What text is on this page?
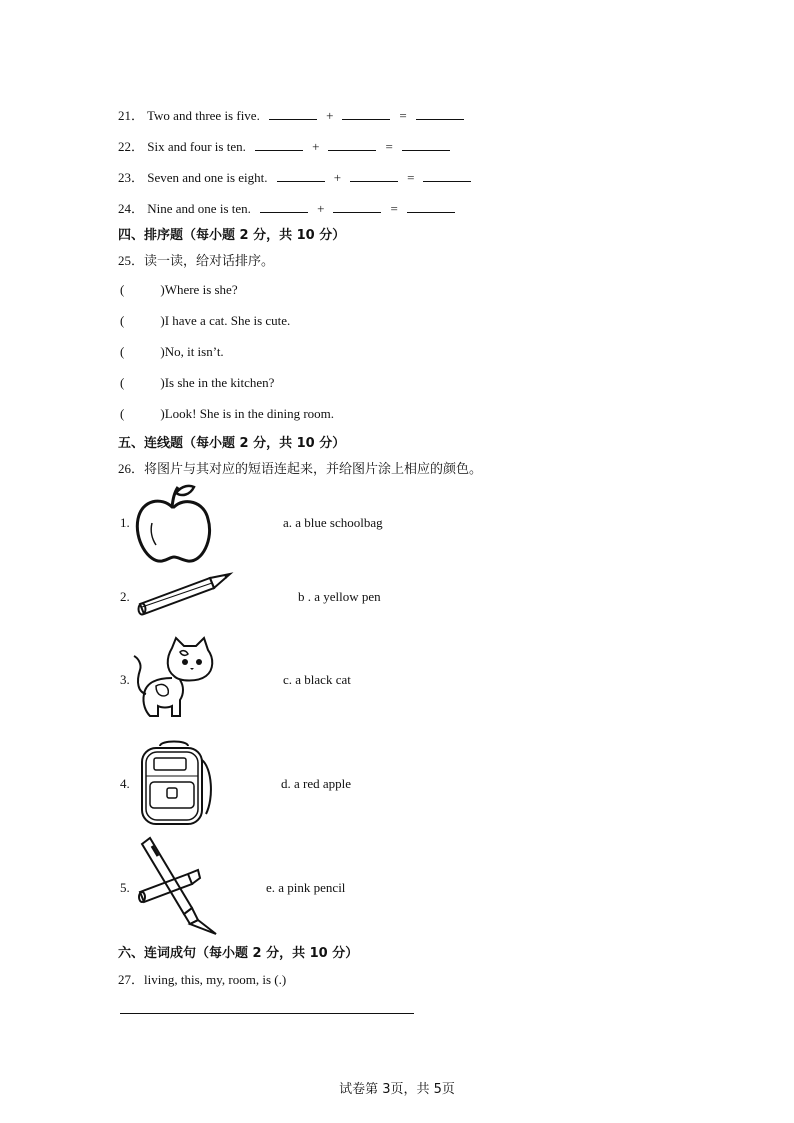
21． Two and three is five.	+	=
22． Six and four is ten.	+	=
23． Seven and one is eight.	+	=
24． Nine and one is ten.	+	=
四、排序题（每小题 2 分，共 10 分）
25．读一读，给对话排序。
(	)Where is she?
(	)I have a cat. She is cute.
(	)No, it isn’t.
(	)Is she in the kitchen?
(	)Look! She is in the dining room.
五、连线题（每小题 2 分，共 10 分）
26．将图片与其对应的短语连起来，并给图片涂上相应的颜色。
1.	a. a blue schoolbag
2.	b . a yellow pen
3.	c. a black cat
4.	d. a red apple
5.	e. a pink pencil
六、连词成句（每小题 2 分，共 10 分）
27．living, this, my, room, is (.)
试卷第 3页，共 5页
